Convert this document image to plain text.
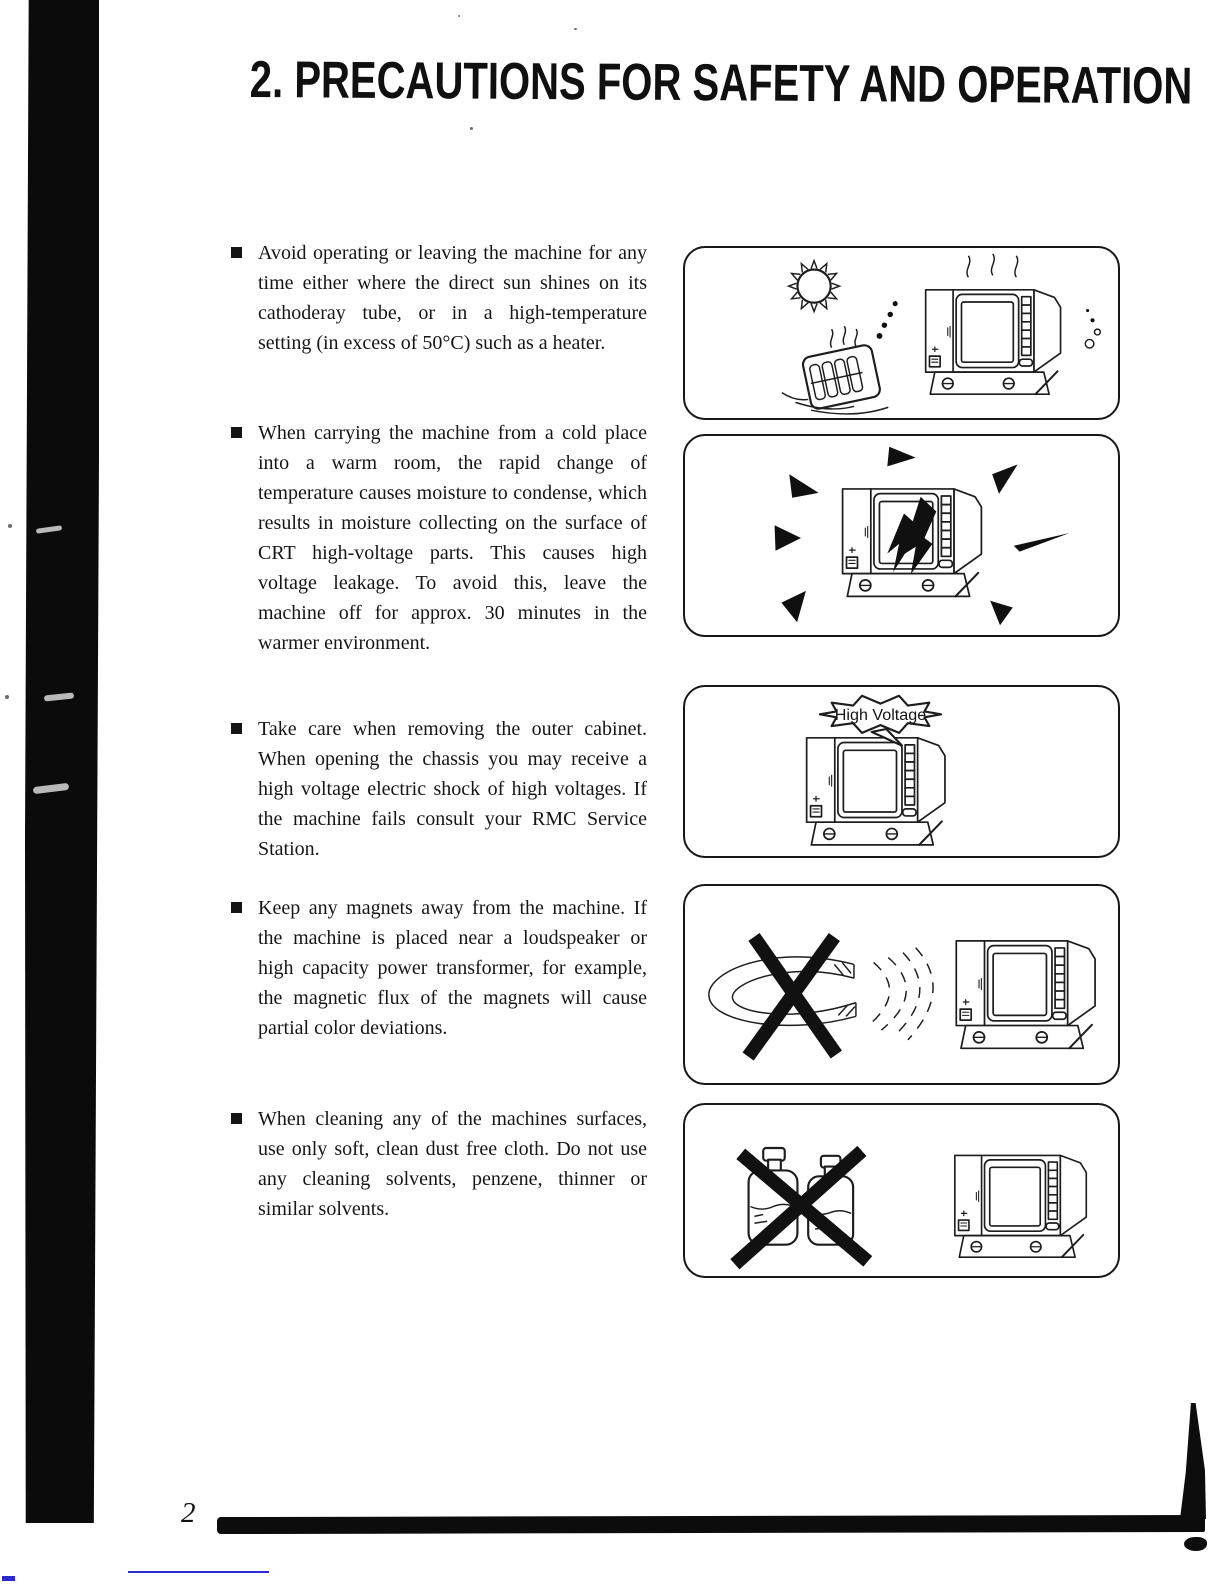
2. PRECAUTIONS FOR SAFETY AND OPERATION
Avoid operating or leaving the machine for any time either where the direct sun shines on its cathoderay tube, or in a high-temperature setting (in excess of 50°C) such as a heater.
When carrying the machine from a cold place into a warm room, the rapid change of temperature causes moisture to condense, which results in moisture collecting on the surface of CRT high-voltage parts. This causes high voltage leakage. To avoid this, leave the machine off for approx. 30 minutes in the warmer environment.
Take care when removing the outer cabinet. When opening the chassis you may receive a high voltage electric shock of high voltages. If the machine fails consult your RMC Service Station.
Keep any magnets away from the machine. If the machine is placed near a loudspeaker or high capacity power transformer, for example, the magnetic flux of the magnets will cause partial color deviations.
When cleaning any of the machines surfaces, use only soft, clean dust free cloth. Do not use any cleaning solvents, penzene, thinner or similar solvents.
High Voltage
2
